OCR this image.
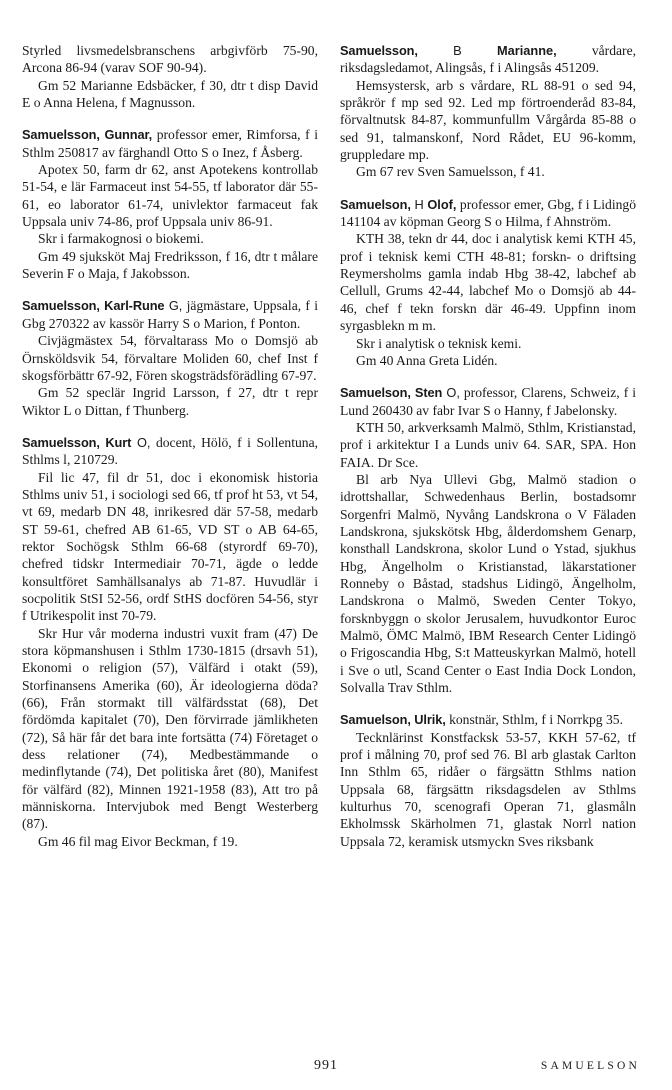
Styrled livsmedelsbranschens arbgivförb 75-90, Arcona 86-94 (varav SOF 90-94).

Gm 52 Marianne Edsbäcker, f 30, dtr t disp David E o Anna Helena, f Magnusson.

Samuelsson, Gunnar, professor emer, Rimforsa, f i Sthlm 250817 av färghandl Otto S o Inez, f Åsberg.

Apotex 50, farm dr 62, anst Apotekens kontrollab 51-54, e lär Farmaceut inst 54-55, tf laborator där 55-61, eo laborator 61-74, univlektor farmaceut fak Uppsala univ 74-86, prof Uppsala univ 86-91.

Skr i farmakognosi o biokemi.

Gm 49 sjuksköt Maj Fredriksson, f 16, dtr t målare Severin F o Maja, f Jakobsson.

Samuelsson, Karl-Rune G, jägmästare, Uppsala, f i Gbg 270322 av kassör Harry S o Marion, f Ponton.

Civjägmästex 54, förvaltarass Mo o Domsjö ab Örnsköldsvik 54, förvaltare Moliden 60, chef Inst f skogsförbättr 67-92, Fören skogsträdsförädling 67-97.

Gm 52 speclär Ingrid Larsson, f 27, dtr t repr Wiktor L o Dittan, f Thunberg.

Samuelsson, Kurt O, docent, Hölö, f i Sollentuna, Sthlms l, 210729.

Fil lic 47, fil dr 51, doc i ekonomisk historia Sthlms univ 51, i sociologi sed 66, tf prof ht 53, vt 54, vt 69, medarb DN 48, inrikesred där 57-58, medarb ST 59-61, chefred AB 61-65, VD ST o AB 64-65, rektor Sochögsk Sthlm 66-68 (styrordf 69-70), chefred tidskr Intermediair 70-71, ägde o ledde konsultföret Samhällsanalys ab 71-87. Huvudlär i socpolitik StSI 52-56, ordf StHS docfören 54-56, styr f Utrikespolit inst 70-79.

Skr Hur vår moderna industri vuxit fram (47) De stora köpmanshusen i Sthlm 1730-1815 (drsavh 51), Ekonomi o religion (57), Välfärd i otakt (59), Storfinansens Amerika (60), Är ideologierna döda? (66), Från stormakt till välfärdsstat (68), Det fördömda kapitalet (70), Den förvirrade jämlikheten (72), Så här får det bara inte fortsätta (74) Företaget o dess relationer (74), Medbestämmande o medinflytande (74), Det politiska året (80), Manifest för välfärd (82), Minnen 1921-1958 (83), Att tro på människorna. Intervjubok med Bengt Westerberg (87).

Gm 46 fil mag Eivor Beckman, f 19.

Samuelsson, B Marianne, vårdare, riksdagsledamot, Alingsås, f i Alingsås 451209.

Hemsystersk, arb s vårdare, RL 88-91 o sed 94, språkrör f mp sed 92. Led mp förtroenderåd 83-84, förvaltnutsk 84-87, kommunfullm Vårgårda 85-88 o sed 91, talmanskonf, Nord Rådet, EU 96-komm, gruppledare mp.

Gm 67 rev Sven Samuelsson, f 41.

Samuelson, H Olof, professor emer, Gbg, f i Lidingö 141104 av köpman Georg S o Hilma, f Ahnström.

KTH 38, tekn dr 44, doc i analytisk kemi KTH 45, prof i teknisk kemi CTH 48-81; forskn- o driftsing Reymersholms gamla indab Hbg 38-42, labchef ab Cellull, Grums 42-44, labchef Mo o Domsjö ab 44-46, chef f tekn forskn där 46-49. Uppfinn inom syrgasblekn m m.

Skr i analytisk o teknisk kemi.

Gm 40 Anna Greta Lidén.

Samuelson, Sten O, professor, Clarens, Schweiz, f i Lund 260430 av fabr Ivar S o Hanny, f Jabelonsky.

KTH 50, arkverksamh Malmö, Sthlm, Kristianstad, prof i arkitektur I a Lunds univ 64. SAR, SPA. Hon FAIA. Dr Sce.

Bl arb Nya Ullevi Gbg, Malmö stadion o idrottshallar, Schwedenhaus Berlin, bostadsomr Sorgenfri Malmö, Nyvång Landskrona o V Fäladen Landskrona, sjukskötsk Hbg, ålderdomshem Genarp, konsthall Landskrona, skolor Lund o Ystad, sjukhus Hbg, Ängelholm o Kristianstad, läkarstationer Ronneby o Båstad, stadshus Lidingö, Ängelholm, Landskrona o Malmö, Sweden Center Tokyo, forsknbyggn o skolor Jerusalem, huvudkontor Euroc Malmö, ÖMC Malmö, IBM Research Center Lidingö o Frigoscandia Hbg, S:t Matteuskyrkan Malmö, hotell i Sve o utl, Scand Center o East India Dock London, Solvalla Trav Sthlm.

Samuelson, Ulrik, konstnär, Sthlm, f i Norrkpg 35.

Tecknlärinst Konstfacksk 53-57, KKH 57-62, tf prof i målning 70, prof sed 76. Bl arb glastak Carlton Inn Sthlm 65, ridåer o färgsättn Sthlms nation Uppsala 68, färgsättn riksdagsdelen av Sthlms kulturhus 70, scenografi Operan 71, glasmåln Ekholmssk Skärholmen 71, glastak Norrl nation Uppsala 72, keramisk utsmyckn Sves riksbank

991	SAMUELSON
